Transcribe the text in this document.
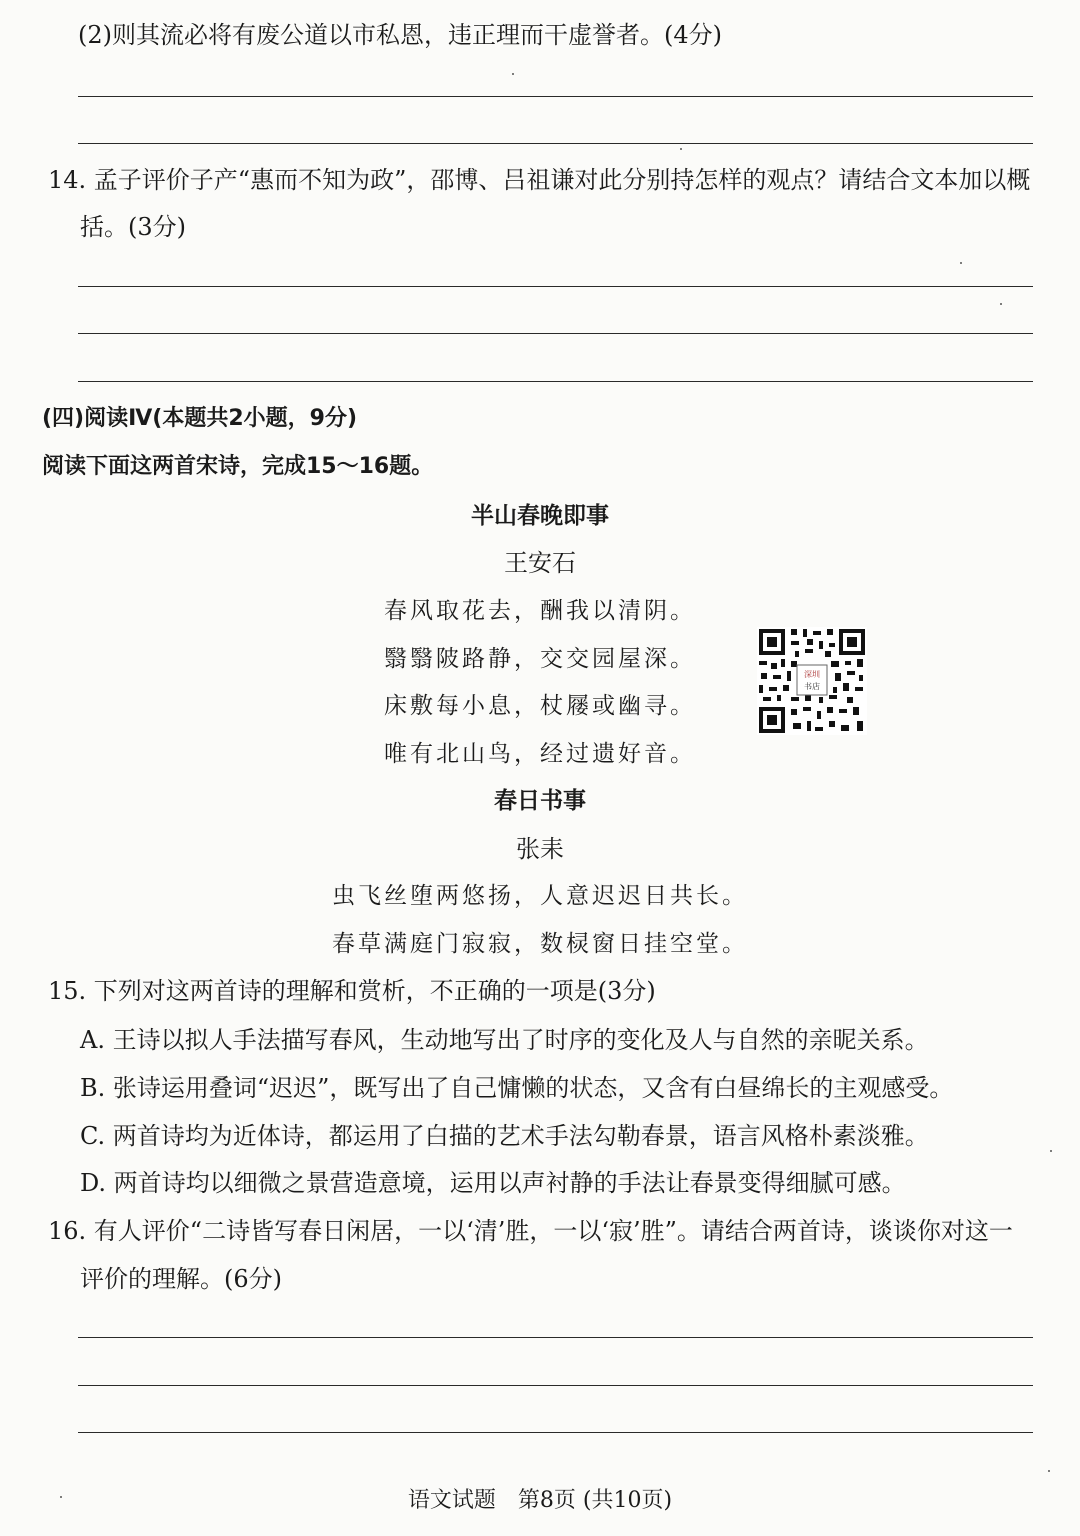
(2)则其流必将有废公道以市私恩，违正理而干虚誉者。(4分)
14. 孟子评价子产“惠而不知为政”，邵博、吕祖谦对此分别持怎样的观点？请结合文本加以概
括。(3分)
(四)阅读Ⅳ(本题共2小题，9分)
阅读下面这两首宋诗，完成15～16题。
半山春晚即事
王安石
春风取花去，酬我以清阴。
翳翳陂路静，交交园屋深。
床敷每小息，杖屦或幽寻。
唯有北山鸟，经过遗好音。
深圳
书店
春日书事
张耒
虫飞丝堕两悠扬，人意迟迟日共长。
春草满庭门寂寂，数棂窗日挂空堂。
15. 下列对这两首诗的理解和赏析，不正确的一项是(3分)
A. 王诗以拟人手法描写春风，生动地写出了时序的变化及人与自然的亲昵关系。
B. 张诗运用叠词“迟迟”，既写出了自己慵懒的状态，又含有白昼绵长的主观感受。
C. 两首诗均为近体诗，都运用了白描的艺术手法勾勒春景，语言风格朴素淡雅。
D. 两首诗均以细微之景营造意境，运用以声衬静的手法让春景变得细腻可感。
16. 有人评价“二诗皆写春日闲居，一以‘清’胜，一以‘寂’胜”。请结合两首诗，谈谈你对这一
评价的理解。(6分)
语文试题　第8页 (共10页)
